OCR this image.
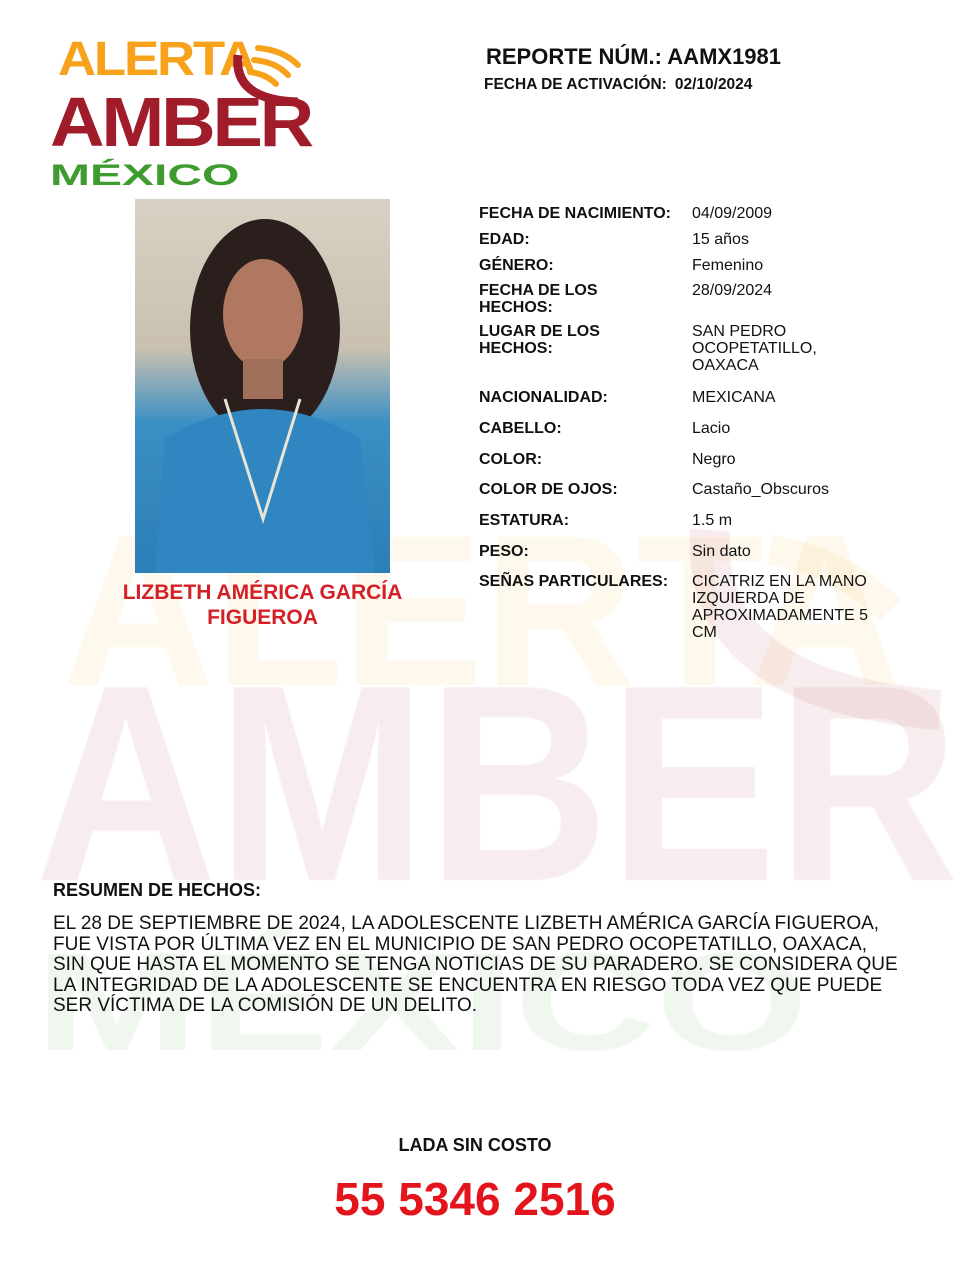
ALERTA
AMBER
MÉXICO
REPORTE NÚM.: AAMX1981
FECHA DE ACTIVACIÓN: 02/10/2024
LIZBETH AMÉRICA GARCÍA FIGUEROA
FECHA DE NACIMIENTO:	04/09/2009
EDAD:	15 años
GÉNERO:	Femenino
FECHA DE LOS HECHOS:
28/09/2024
LUGAR DE LOS HECHOS:
SAN PEDRO OCOPETATILLO, OAXACA
NACIONALIDAD:	MEXICANA
CABELLO:	Lacio
COLOR:	Negro
COLOR DE OJOS:	Castaño_Obscuros
ESTATURA:	1.5 m
PESO:	Sin dato
SEÑAS PARTICULARES:	CICATRIZ EN LA MANO IZQUIERDA DE APROXIMADAMENTE 5 CM
RESUMEN DE HECHOS:
EL 28 DE SEPTIEMBRE DE 2024, LA ADOLESCENTE LIZBETH AMÉRICA GARCÍA FIGUEROA, FUE VISTA POR ÚLTIMA VEZ EN EL MUNICIPIO DE SAN PEDRO OCOPETATILLO, OAXACA, SIN QUE HASTA EL MOMENTO SE TENGA NOTICIAS DE SU PARADERO. SE CONSIDERA QUE LA INTEGRIDAD DE LA ADOLESCENTE SE ENCUENTRA EN RIESGO TODA VEZ QUE PUEDE SER VÍCTIMA DE LA COMISIÓN DE UN DELITO.
LADA SIN COSTO
55 5346 2516
